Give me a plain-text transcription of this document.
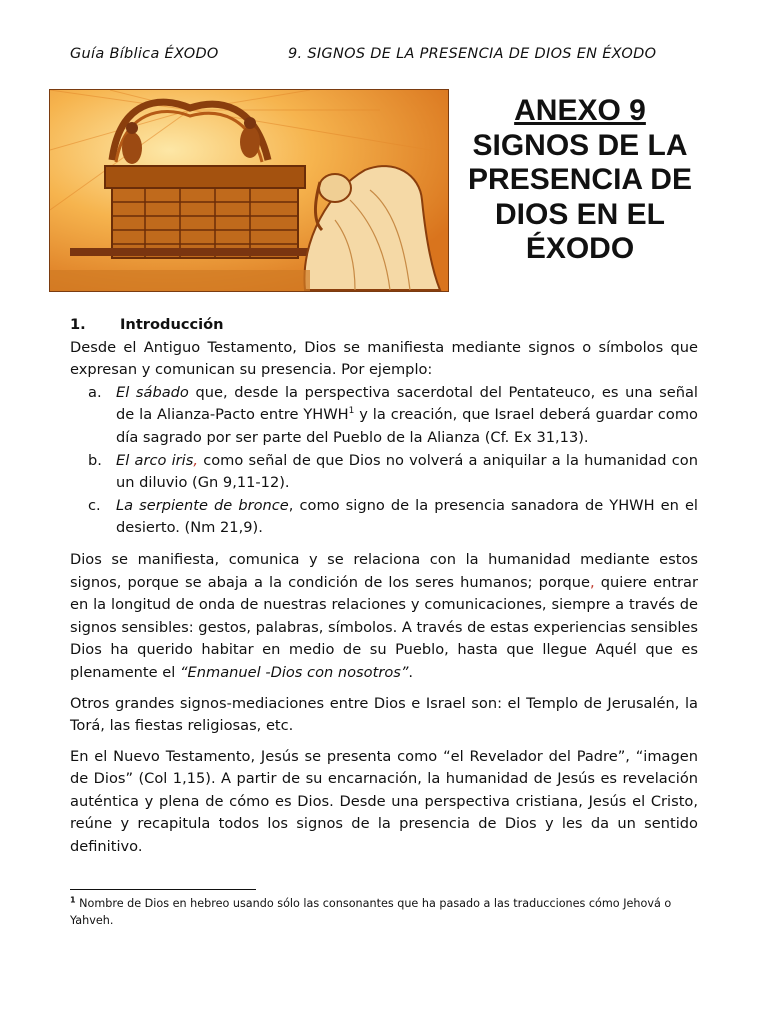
Guía Bíblica ÉXODO	9. SIGNOS DE LA PRESENCIA DE DIOS EN ÉXODO
ANEXO 9
SIGNOS DE LA
PRESENCIA DE
DIOS EN EL
ÉXODO
1.	Introducción

Desde el Antiguo Testamento, Dios se manifiesta mediante signos o símbolos que expresan y comunican su presencia. Por ejemplo:

a. El sábado que, desde la perspectiva sacerdotal del Pentateuco, es una señal de la Alianza-Pacto entre YHWH$^1$ y la creación, que Israel deberá guardar como día sagrado por ser parte del Pueblo de la Alianza (Cf. Ex 31,13).
b. El arco iris, como señal de que Dios no volverá a aniquilar a la humanidad con un diluvio (Gn 9,11-12).
c. La serpiente de bronce, como signo de la presencia sanadora de YHWH en el desierto. (Nm 21,9).

Dios se manifiesta, comunica y se relaciona con la humanidad mediante estos signos, porque se abaja a la condición de los seres humanos; porque, quiere entrar en la longitud de onda de nuestras relaciones y comunicaciones, siempre a través de signos sensibles: gestos, palabras, símbolos. A través de estas experiencias sensibles Dios ha querido habitar en medio de su Pueblo, hasta que llegue Aquél que es plenamente el “Enmanuel -Dios con nosotros”.

Otros grandes signos-mediaciones entre Dios e Israel son: el Templo de Jerusalén, la Torá, las fiestas religiosas, etc.

En el Nuevo Testamento, Jesús se presenta como “el Revelador del Padre”, “imagen de Dios” (Col 1,15). A partir de su encarnación, la humanidad de Jesús es revelación auténtica y plena de cómo es Dios. Desde una perspectiva cristiana, Jesús el Cristo, reúne y recapitula todos los signos de la presencia de Dios y les da un sentido definitivo.

$^1$ Nombre de Dios en hebreo usando sólo las consonantes que ha pasado a las traducciones cómo Jehová o Yahveh.
